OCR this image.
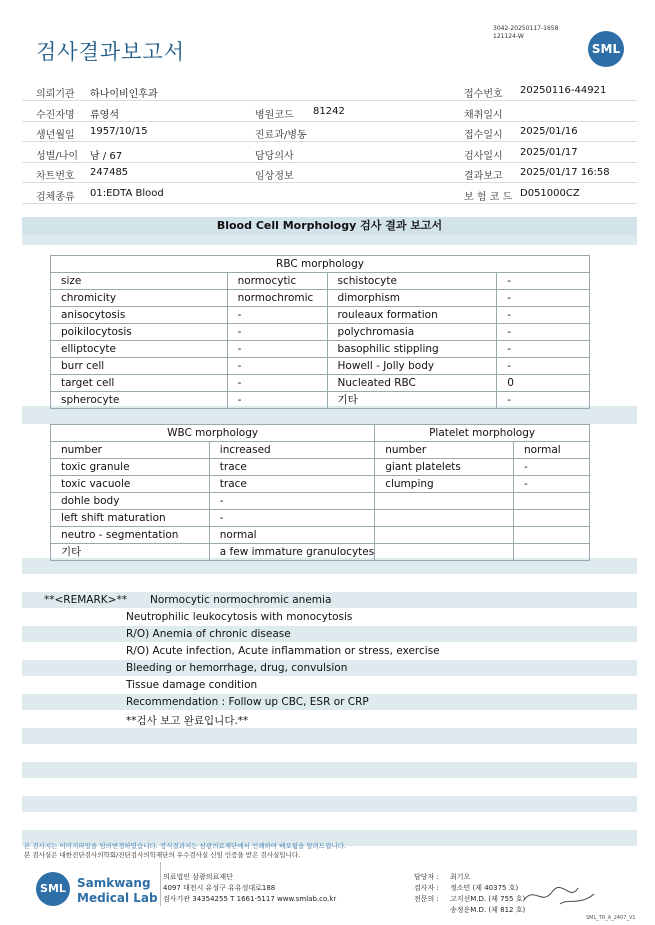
검사결과보고서
3042-20250117-1658
121124-W
SML
의뢰기관 하나이비인후과	접수번호 20250116-44921
수진자명 류영석	병원코드 81242	채취일시
생년월일 1957/10/15	진료과/병동	접수일시 2025/01/16
성별/나이 남 / 67	담당의사	검사일시 2025/01/17
차트번호 247485	임상정보	결과보고 2025/01/17 16:58
검체종류 01:EDTA Blood	보 험 코 드 D051000CZ
Blood Cell Morphology 검사 결과 보고서
RBC morphology			
size	normocytic	schistocyte	-
chromicity	normochromic	dimorphism	-
anisocytosis	-	rouleaux formation	-
poikilocytosis	-	polychromasia	-
elliptocyte	-	basophilic stippling	-
burr cell	-	Howell - Jolly body	-
target cell	-	Nucleated RBC	0
spherocyte	-	기타	-
WBC morphology		Platelet morphology	
number	increased	number	normal
toxic granule	trace	giant platelets	-
toxic vacuole	trace	clumping	-
dohle body	-		
left shift maturation	-		
neutro - segmentation	normal		
기타	a few immature granulocytes		
**<REMARK>** Normocytic normochromic anemia
Neutrophilic leukocytosis with monocytosis
R/O) Anemia of chronic disease
R/O) Acute infection, Acute inflammation or stress, exercise
Bleeding or hemorrhage, drug, convulsion
Tissue damage condition
Recommendation : Follow up CBC, ESR or CRP
**검사 보고 완료입니다.**
본 검사지는 이미지파일을 임의변경하였습니다. 정식결과지는 삼광의료재단에서 인쇄하여 배포됨을 알려드립니다.
본 검사실은 대한진단검사의학회/진단검사의학재단의 우수검사실 신임 인증을 받은 검사실입니다.
SML Samkwang
Medical Lab
의료법인 삼광의료재단
4097 대전시 유성구 유유성대로188
검사기관 34354255 T 1661-5117 www.smlab.co.kr
담당자 : 최기오
검사자 : 정소민 (제 40375 호)
전문의 : 고지선M.D. (제 755 호)
송정운M.D. (제 812 호)
SML_TR_A_2407_V1
